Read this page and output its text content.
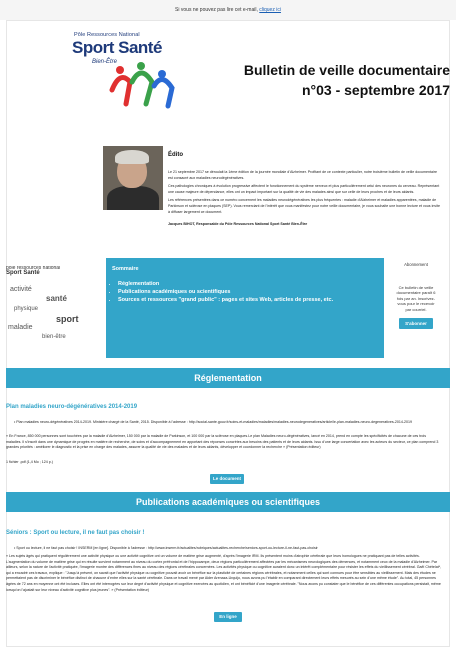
Si vous ne pouvez pas lire cet e-mail, cliquez ici
Pôle Ressources National
Sport Santé
Bien-Être	Bulletin de veille documentaire
n°03 - septembre 2017
Édito

Le 21 septembre 2017 se déroulait la 1ème édition de la journée mondiale d'Alzheimer. Profitant de ce contexte particulier, notre troisième bulletin de veille documentaire est consacré aux maladies neurodégénératives.

Ces pathologies chroniques à évolution progressive affectent le fonctionnement du système nerveux et plus particulièrement celui des neurones du cerveau. Représentant une cause majeure de dépendance, elles ont un impact important sur la qualité de vie des malades ainsi que sur celle de leurs proches et de leurs aidants.

Les références présentées dans ce numéro concernent les maladies neurodégénératives les plus fréquentes : maladie d'Alzheimer et maladies apparentées, maladie de Parkinson et sclérose en plaques (SEP). Vous remerciant de l'intérêt que vous manifestez pour notre veille documentaire, je vous souhaite une bonne lecture et vous invite à diffuser largement ce document.

Jacques BIHOT, Responsable du Pôle Ressources National Sport Santé Bien-Être

pôle ressources national
Sport Santé
activité
santé
physique
sport
maladie
bien-être
Sommaire
• Réglementation
• Publications académiques ou scientifiques
• Sources et ressources "grand public" : pages et sites Web, articles de presse, etc.
Abonnement
Ce bulletin de veille documentaire paraît 6 fois par an. Inscrivez-vous pour le recevoir par courriel.
S'abonner
Réglementation
Plan maladies neuro-dégénératives 2014-2019
• Plan maladies neuro-dégénératives 2014-2019. Ministère chargé de la Santé, 2015. Disponible à l'adresse : http://social-sante.gouv.fr/soins-et-maladies/maladies/maladies-neurodegeneratives/article/le-plan-maladies-neuro-degeneratives-2014-2019
« En France, 850 000 personnes sont touchées par la maladie d'Alzheimer, 150 000 par la maladie de Parkinson, et 100 000 par la sclérose en plaques.Le plan Maladies neuro-dégénératives, lancé en 2014, prend en compte les spécificités de chacune de ces trois maladies. Il s'inscrit dans une dynamique de progrès en matière de recherche, de soins et d'accompagnement en apportant des réponses concrètes aux besoins des patients et de leurs aidants. Issu d'une large concertation avec les acteurs du secteur, ce plan comprend 3 grandes priorités : améliorer le diagnostic et la prise en charge des malades, assurer la qualité de vie des malades et de leurs aidants, développer et coordonner la recherche » (Présentation éditeur)
1 fichier .pdf (1,4 Mo ; 124 p.)
Le document
Publications académiques ou scientifiques
Séniors : Sport ou lecture, il ne faut pas choisir !
• Sport ou lecture, il ne faut pas choisir ! INSERM [en ligne]. Disponible à l'adresse : http://www.inserm.fr/actualites/rubriques/actualites-recherche/seniors-sport-ou-lecture-il-ne-faut-pas-choisir
« Les sujets âgés qui pratiquent régulièrement une activité physique ou une activité cognitive ont un volume de matière grise augmenté, d'après l'imagerie IRM. Ils présentent moins d'atrophie cérébrale que leurs homologues ne pratiquant pas de telles activités. L'augmentation du volume de matière grise qui en résulte survient notamment au niveau du cortex préfrontal et de l'hippocampe, deux régions particulièrement affectées par les mécanismes neurologiques des démences, et notamment ceux de la maladie d'Alzheimer. Par ailleurs, selon la nature de l'activité pratiquée, l'imagerie montre des différences fines au niveau des régions cérébrales concernées. Les activités physique ou cognitive auraient donc un intérêt complémentaire pour résister les effets du vieillissement cérébral. Gaël Chételat*, qui a encadré ces travaux, explique : "Jusqu'à présent, on savait que l'activité physique ou cognitive pouvait avoir un bénéfice sur la plasticité de certaines régions cérébrales, et notamment celles qui sont connues pour être sensibles au vieillissement. Mais des études ne permettaient pas de discriminer le bénéfice distinct de chacune d'entre elles sur la santé cérébrale. Dans ce travail mené par Aider Arenaza-Urquijo, nous avons pu l'établir en comparant directement leurs effets mesurés au sein d'une même étude". Au total, 45 personnes âgées de 72 ans en moyenne ont été incluses. Elles ont été interrogées sur leur degré d'activité physique et cognitive exercées au quotidien, et ont bénéficié d'une imagerie cérébrale. "Nous avons pu constater que le bénéfice de ces différentes occupations persistait, même lorsqu'on l'ajustait sur leur niveau d'activité cognitive plus jeunes". » (Présentation éditeur)
En ligne
